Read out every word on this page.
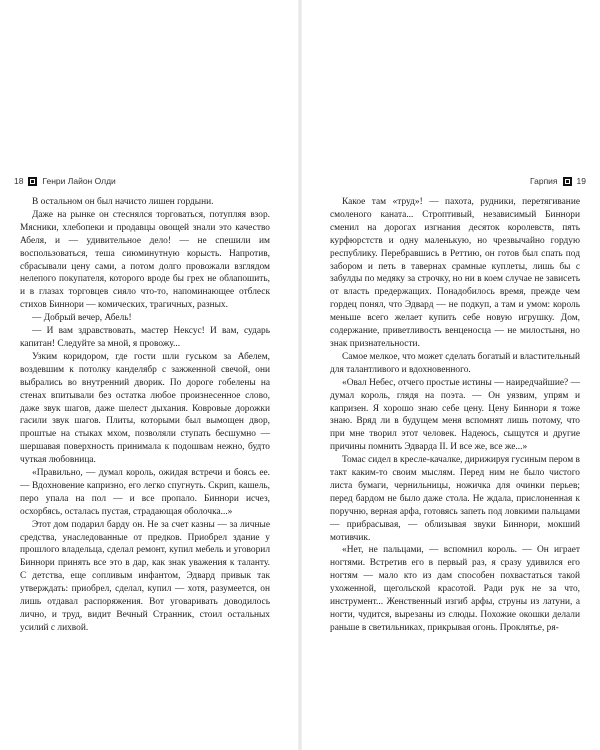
18 Генри Лайон Олди	Гарпия 19

В остальном он был начисто лишен гордыни.

Даже на рынке он стеснялся торговаться, потупляя взор. Мясники, хлебопеки и продавцы овощей знали это качество Абеля, и — удивительное дело! — не спешили им воспользоваться, теша сиюминутную корысть. Напротив, сбрасывали цену сами, а потом долго провожали взглядом нелепого покупателя, которого вроде бы грех не облапошить, и в глазах торговцев сияло что-то, напоминающее отблеск стихов Биннори — комических, трагичных, разных.

— Добрый вечер, Абель!

— И вам здравствовать, мастер Нексус! И вам, сударь капитан! Следуйте за мной, я провожу...

Узким коридором, где гости шли гуськом за Абелем, воздевшим к потолку канделябр с зажженной свечой, они выбрались во внутренний дворик. По дороге гобелены на стенах впитывали без остатка любое произнесенное слово, даже звук шагов, даже шелест дыхания. Ковровые дорожки гасили звук шагов. Плиты, которыми был вымощен двор, проштые на стыках мхом, позволяли ступать бесшумно — шершавая поверхность принимала к подошвам нежно, будто чуткая любовница.

«Правильно, — думал король, ожидая встречи и боясь ее. — Вдохновение капризно, его легко спугнуть. Скрип, кашель, перо упала на пол — и все пропало. Биннори исчез, осхорбясь, осталась пустая, страдающая оболочка...»

Этот дом подарил барду он. Не за счет казны — за личные средства, унаследованные от предков. Приобрел здание у прошлого владельца, сделал ремонт, купил мебель и уговорил Биннори принять все это в дар, как знак уважения к таланту. С детства, еще сопливым инфантом, Эдвард привык так утверждать: приобрел, сделал, купил — хотя, разумеется, он лишь отдавал распоряжения. Вот уговаривать доводилось лично, и труд, видит Вечный Странник, стоил остальных усилий с лихвой.

Какое там «труд»! — пахота, рудники, перетягивание смоленого каната... Строптивый, независимый Биннори сменил на дорогах изгнания десяток королевств, пять курфюрстств и одну маленькую, но чрезвычайно гордую республику. Перебравшись в Реттию, он готов был спать под забором и петь в тавернах срамные куплеты, лишь бы с забулды по медяку за строчку, но ни в коем случае не зависеть от власть предержащих. Понадобилось время, прежде чем гордец понял, что Эдвард — не подкуп, а там и умом: король меньше всего желает купить себе новую игрушку. Дом, содержание, приветливость венценосца — не милостыня, но знак признательности.

Самое мелкое, что может сделать богатый и властительный для талантливого и вдохновенного.

«Овал Небес, отчего простые истины — наиредчайшие? — думал король, глядя на поэта. — Он уязвим, упрям и капризен. Я хорошо знаю себе цену. Цену Биннори я тоже знаю. Вряд ли в будущем меня вспомнят лишь потому, что при мне творил этот человек. Надеюсь, сыщутся и другие причины помнить Эдварда II. И все же, все же...»

Томас сидел в кресле-качалке, дирижируя гусиным пером в такт каким-то своим мыслям. Перед ним не было чистого листа бумаги, чернильницы, ножичка для очинки перьев; перед бардом не было даже стола. Не ждала, прислоненная к поручню, верная арфа, готовясь запеть под ловкими пальцами — прибрасывая, — облизывая звуки Биннори, мокший мотивчик.

«Нет, не пальцами, — вспомнил король. — Он играет ногтями. Встретив его в первый раз, я сразу удивился его ногтям — мало кто из дам способен похвастаться такой ухоженной, щегольской красотой. Ради рук не за что, инструмент... Женственный изгиб арфы, струны из латуни, а ногти, чудится, вырезаны из слюды. Похожие окошки делали раньше в светильниках, прикрывая огонь. Проклятье, ря-
